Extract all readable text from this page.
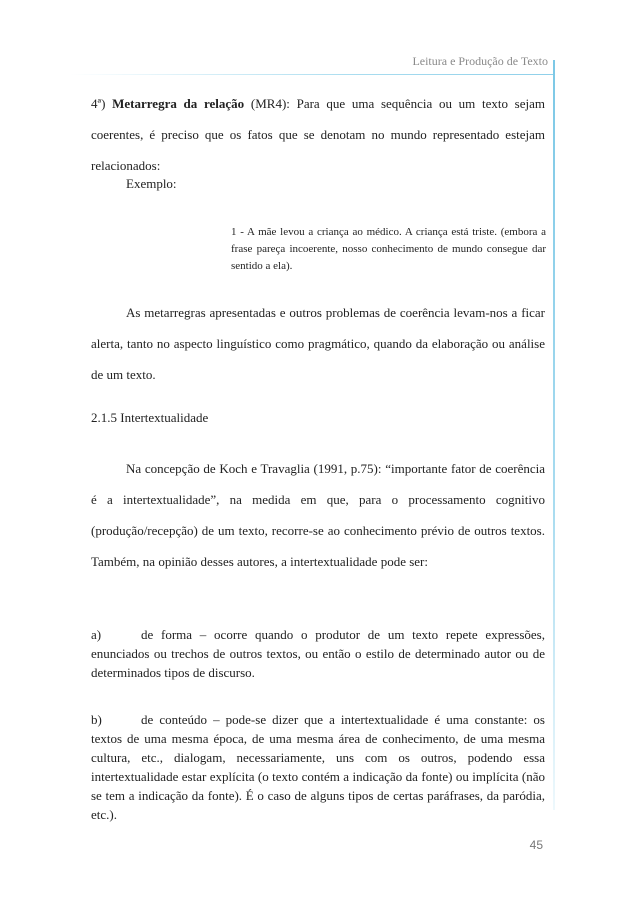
Leitura e Produção de Texto

4ª) Metarregra da relação (MR4): Para que uma sequência ou um texto sejam coerentes, é preciso que os fatos que se denotam no mundo representado estejam relacionados:

Exemplo:
1 - A mãe levou a criança ao médico. A criança está triste. (embora a frase pareça incoerente, nosso conhecimento de mundo consegue dar sentido a ela).

As metarregras apresentadas e outros problemas de coerência levam-nos a ficar alerta, tanto no aspecto linguístico como pragmático, quando da elaboração ou análise de um texto.

2.1.5 Intertextualidade

Na concepção de Koch e Travaglia (1991, p.75): “importante fator de coerência é a intertextualidade”, na medida em que, para o processamento cognitivo (produção/recepção) de um texto, recorre-se ao conhecimento prévio de outros textos. Também, na opinião desses autores, a intertextualidade pode ser:

a)	de forma – ocorre quando o produtor de um texto repete expressões, enunciados ou trechos de outros textos, ou então o estilo de determinado autor ou de determinados tipos de discurso.

b)	de conteúdo – pode-se dizer que a intertextualidade é uma constante: os textos de uma mesma época, de uma mesma área de conhecimento, de uma mesma cultura, etc., dialogam, necessariamente, uns com os outros, podendo essa intertextualidade estar explícita (o texto contém a indicação da fonte) ou implícita (não se tem a indicação da fonte). É o caso de alguns tipos de certas paráfrases, da paródia, etc.).

45
